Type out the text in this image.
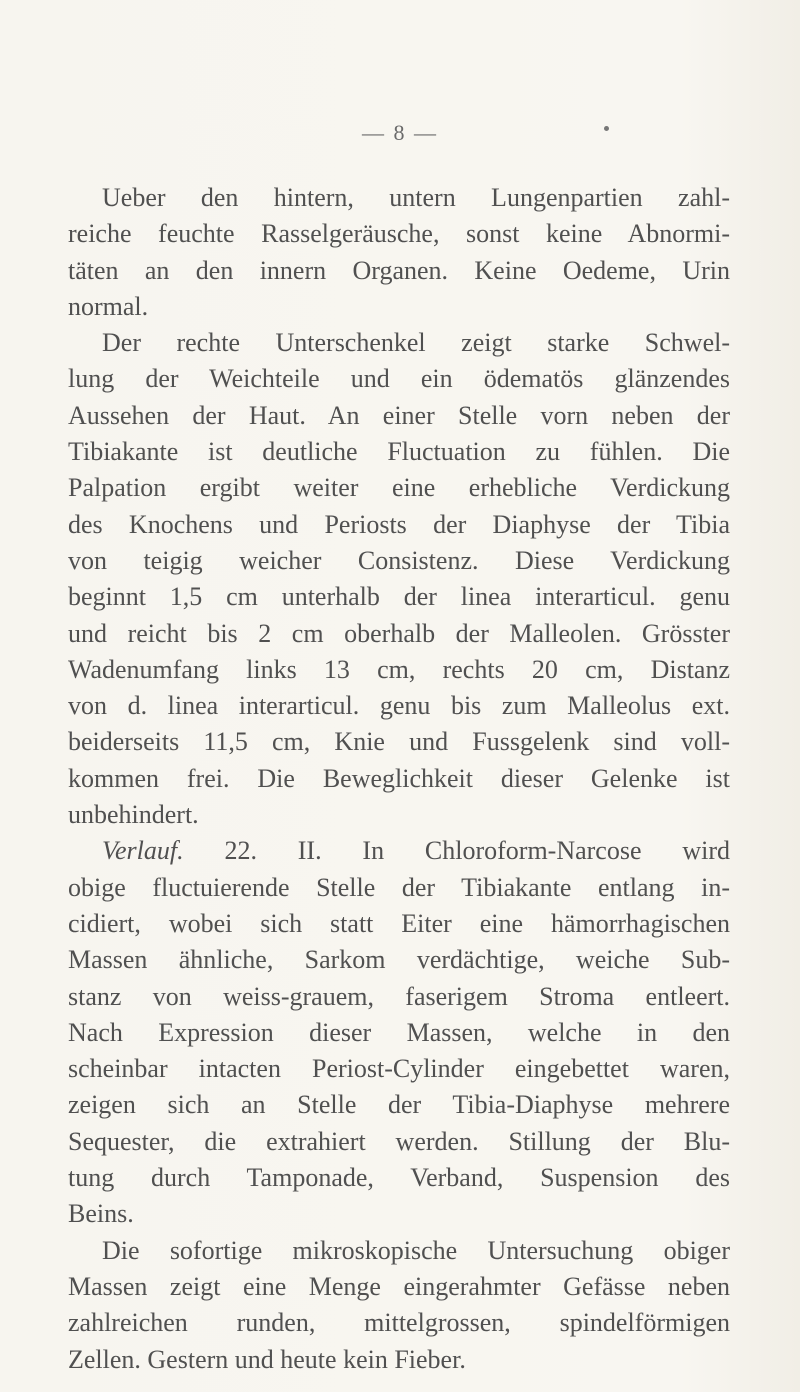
— 8 —
Ueber den hintern, untern Lungenpartien zahl-
reiche feuchte Rasselgeräusche, sonst keine Abnormi-
täten an den innern Organen. Keine Oedeme, Urin
normal.
Der rechte Unterschenkel zeigt starke Schwel-
lung der Weichteile und ein ödematös glänzendes
Aussehen der Haut. An einer Stelle vorn neben der
Tibiakante ist deutliche Fluctuation zu fühlen. Die
Palpation ergibt weiter eine erhebliche Verdickung
des Knochens und Periosts der Diaphyse der Tibia
von teigig weicher Consistenz. Diese Verdickung
beginnt 1,5 cm unterhalb der linea interarticul. genu
und reicht bis 2 cm oberhalb der Malleolen. Grösster
Wadenumfang links 13 cm, rechts 20 cm, Distanz
von d. linea interarticul. genu bis zum Malleolus ext.
beiderseits 11,5 cm, Knie und Fussgelenk sind voll-
kommen frei. Die Beweglichkeit dieser Gelenke ist
unbehindert.
Verlauf. 22. II. In Chloroform-Narcose wird
obige fluctuierende Stelle der Tibiakante entlang in-
cidiert, wobei sich statt Eiter eine hämorrhagischen
Massen ähnliche, Sarkom verdächtige, weiche Sub-
stanz von weiss-grauem, faserigem Stroma entleert.
Nach Expression dieser Massen, welche in den
scheinbar intacten Periost-Cylinder eingebettet waren,
zeigen sich an Stelle der Tibia-Diaphyse mehrere
Sequester, die extrahiert werden. Stillung der Blu-
tung durch Tamponade, Verband, Suspension des
Beins.
Die sofortige mikroskopische Untersuchung obiger
Massen zeigt eine Menge eingerahmter Gefässe neben
zahlreichen runden, mittelgrossen, spindelförmigen
Zellen. Gestern und heute kein Fieber.
